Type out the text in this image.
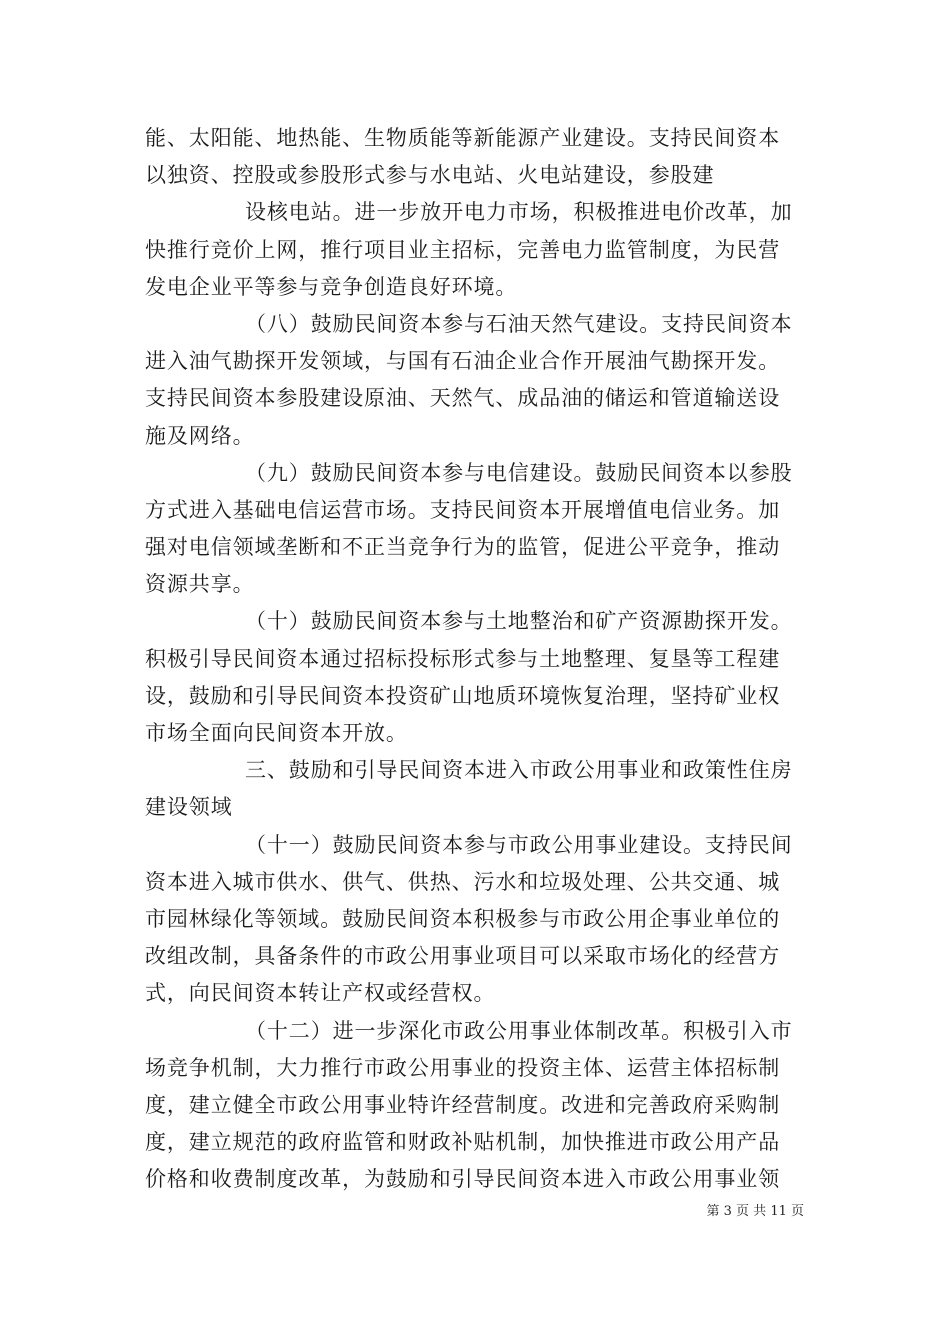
能、太阳能、地热能、生物质能等新能源产业建设。支持民间资本
以独资、控股或参股形式参与水电站、火电站建设，参股建
设核电站。进一步放开电力市场，积极推进电价改革，加
快推行竞价上网，推行项目业主招标，完善电力监管制度，为民营
发电企业平等参与竞争创造良好环境。
（八）鼓励民间资本参与石油天然气建设。支持民间资本
进入油气勘探开发领域，与国有石油企业合作开展油气勘探开发。
支持民间资本参股建设原油、天然气、成品油的储运和管道输送设
施及网络。
（九）鼓励民间资本参与电信建设。鼓励民间资本以参股
方式进入基础电信运营市场。支持民间资本开展增值电信业务。加
强对电信领域垄断和不正当竞争行为的监管，促进公平竞争，推动
资源共享。
（十）鼓励民间资本参与土地整治和矿产资源勘探开发。
积极引导民间资本通过招标投标形式参与土地整理、复垦等工程建
设，鼓励和引导民间资本投资矿山地质环境恢复治理，坚持矿业权
市场全面向民间资本开放。
三、鼓励和引导民间资本进入市政公用事业和政策性住房
建设领域
（十一）鼓励民间资本参与市政公用事业建设。支持民间
资本进入城市供水、供气、供热、污水和垃圾处理、公共交通、城
市园林绿化等领域。鼓励民间资本积极参与市政公用企事业单位的
改组改制，具备条件的市政公用事业项目可以采取市场化的经营方
式，向民间资本转让产权或经营权。
（十二）进一步深化市政公用事业体制改革。积极引入市
场竞争机制，大力推行市政公用事业的投资主体、运营主体招标制
度，建立健全市政公用事业特许经营制度。改进和完善政府采购制
度，建立规范的政府监管和财政补贴机制，加快推进市政公用产品
价格和收费制度改革，为鼓励和引导民间资本进入市政公用事业领
第 3 页 共 11 页
